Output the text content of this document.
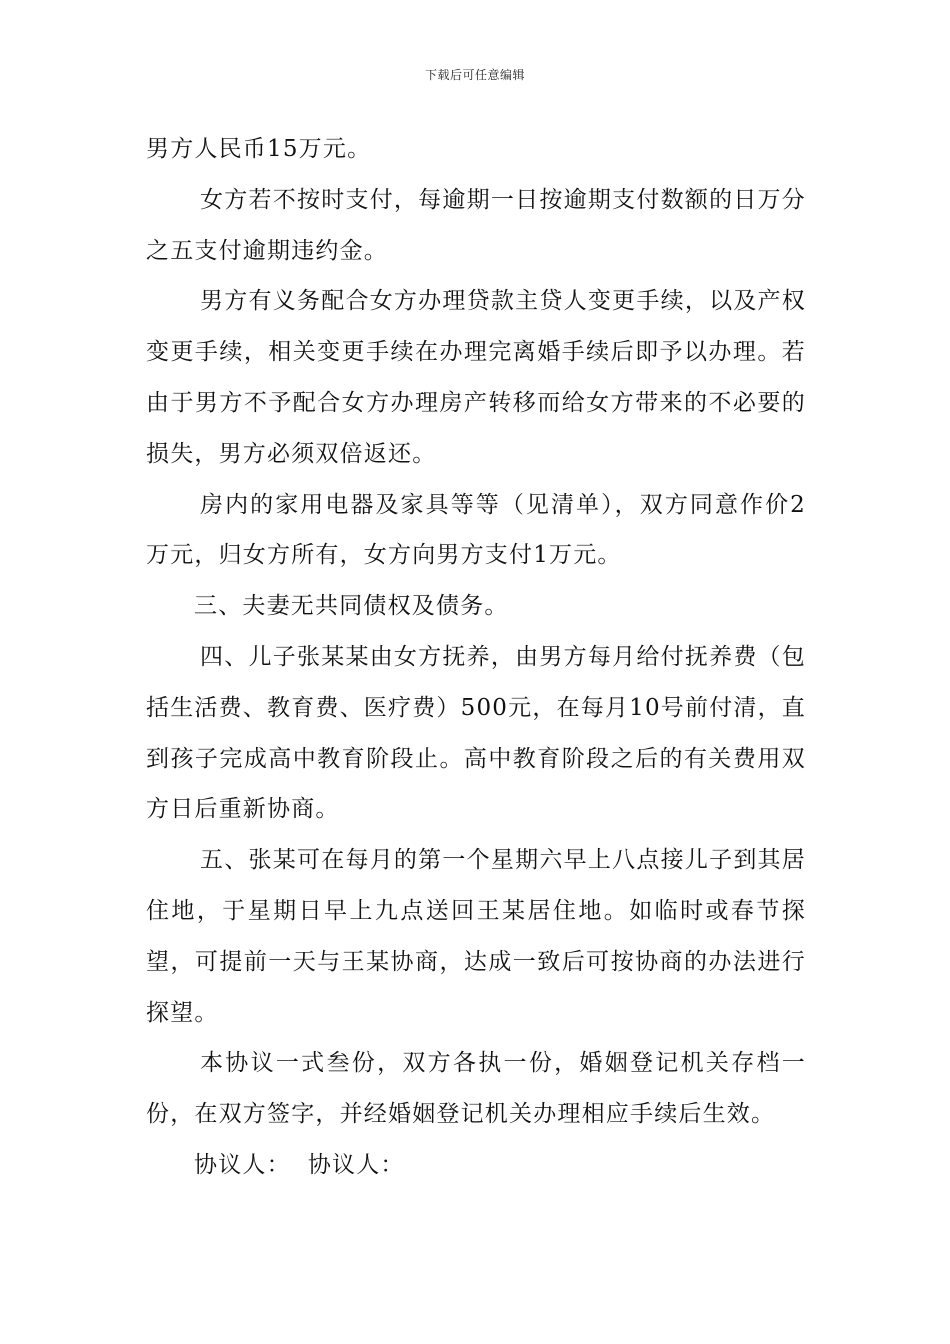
下载后可任意编辑

男方人民币15万元。

女方若不按时支付，每逾期一日按逾期支付数额的日万分之五支付逾期违约金。

男方有义务配合女方办理贷款主贷人变更手续，以及产权变更手续，相关变更手续在办理完离婚手续后即予以办理。若由于男方不予配合女方办理房产转移而给女方带来的不必要的损失，男方必须双倍返还。

房内的家用电器及家具等等（见清单），双方同意作价2万元，归女方所有，女方向男方支付1万元。

三、夫妻无共同债权及债务。

四、儿子张某某由女方抚养，由男方每月给付抚养费（包括生活费、教育费、医疗费）500元，在每月10号前付清，直到孩子完成高中教育阶段止。高中教育阶段之后的有关费用双方日后重新协商。

五、张某可在每月的第一个星期六早上八点接儿子到其居住地，于星期日早上九点送回王某居住地。如临时或春节探望，可提前一天与王某协商，达成一致后可按协商的办法进行探望。

本协议一式叁份，双方各执一份，婚姻登记机关存档一份，在双方签字，并经婚姻登记机关办理相应手续后生效。

协议人：  协议人：
